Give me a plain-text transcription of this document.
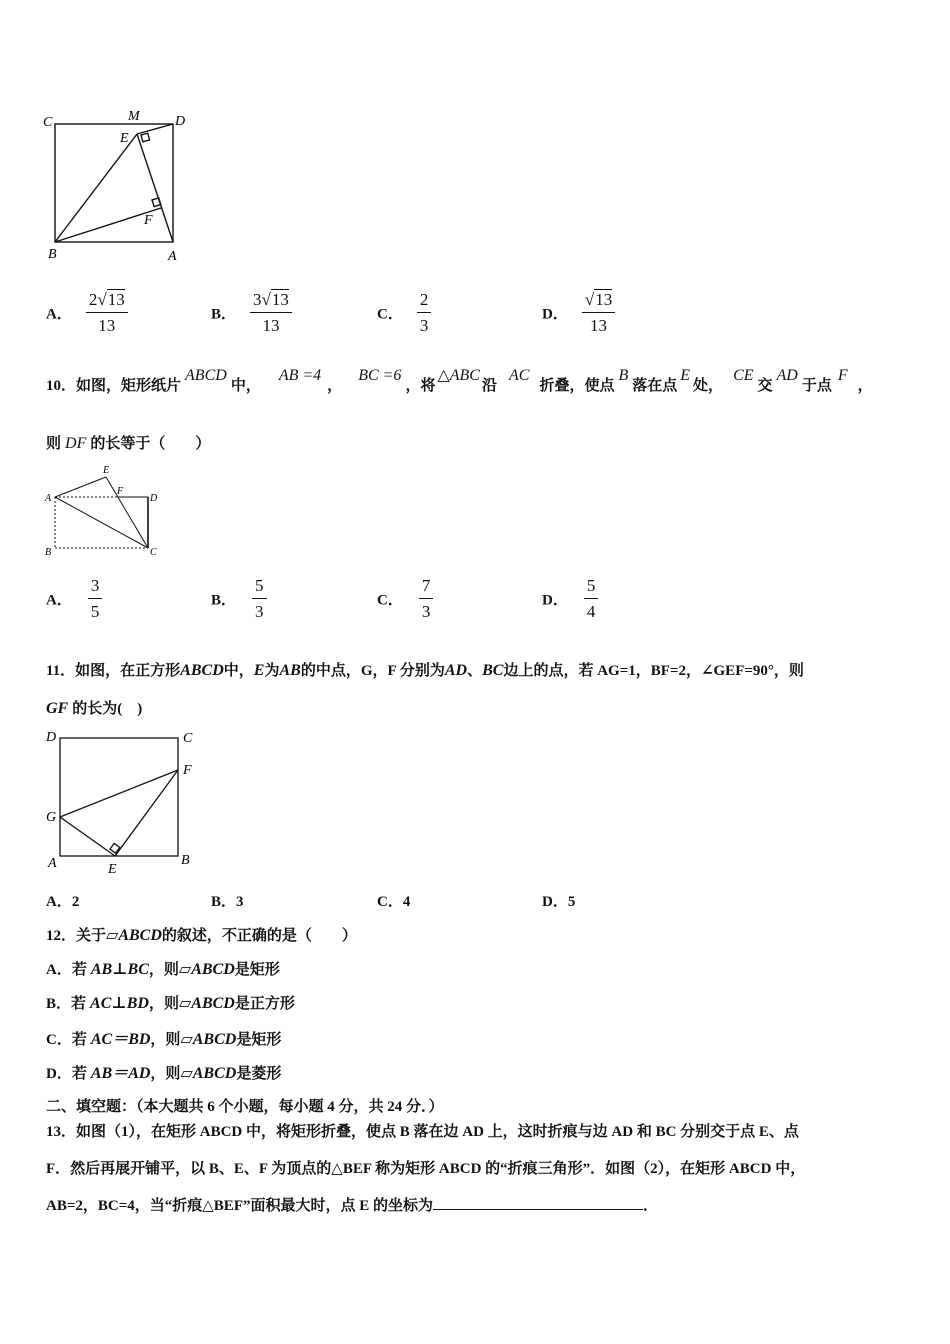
C	M	D
E
F
B	A
A． $\frac{2√13}{13}$	B． $\frac{3√13}{13}$	C． $\frac{2}{3}$	D． $\frac{√13}{13}$
10．如图，矩形纸片ABCD中，AB =4，BC =6，将△ABC沿AC折叠，使点B落在点E处，CE交AD于点F，
则 DF 的长等于（　　）
A
E
F
D
B	C
A． $\frac{3}{5}$	B． $\frac{5}{3}$	C． $\frac{7}{3}$	D． $\frac{5}{4}$
11．如图，在正方形ABCD中，E为AB的中点，G，F 分别为AD、BC边上的点，若 AG=1，BF=2，∠GEF=90°，则
GF 的长为(　)
D	C
F
G
A	E
B
A．2	B．3	C．4	D．5
12．关于▱ABCD的叙述，不正确的是（　　）
A．若 AB⊥BC，则▱ABCD是矩形
B．若 AC⊥BD，则▱ABCD是正方形
C．若 AC＝BD，则▱ABCD是矩形
D．若 AB＝AD，则▱ABCD是菱形
二、填空题：（本大题共 6 个小题，每小题 4 分，共 24 分．）
13．如图（1），在矩形 ABCD 中，将矩形折叠，使点 B 落在边 AD 上，这时折痕与边 AD 和 BC 分别交于点 E、点
F．然后再展开铺平，以 B、E、F 为顶点的△BEF 称为矩形 ABCD 的“折痕三角形”．如图（2），在矩形 ABCD 中，
AB=2，BC=4，当“折痕△BEF”面积最大时，点 E 的坐标为	．
